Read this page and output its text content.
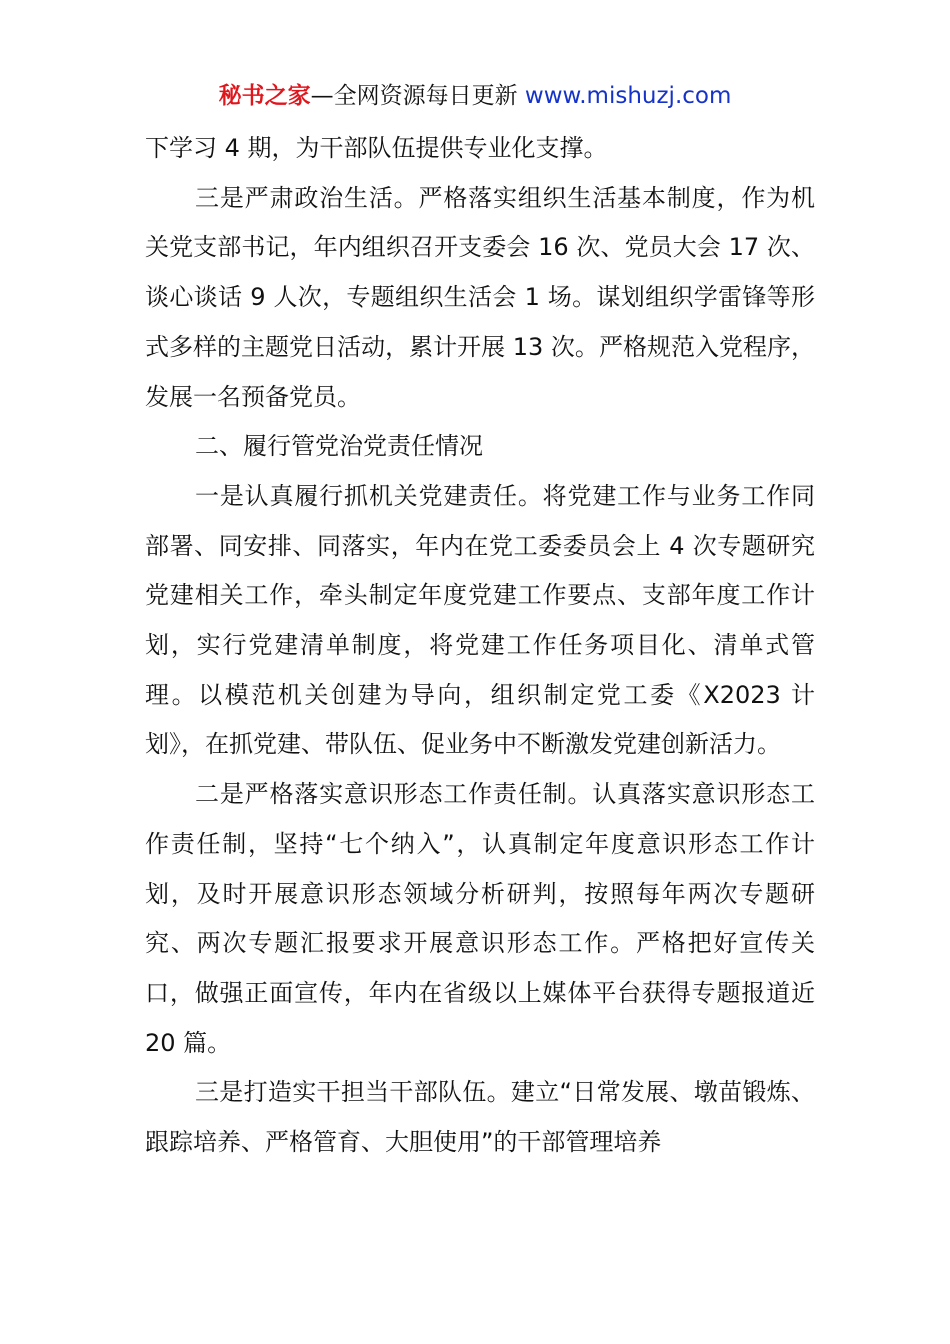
秘书之家—全网资源每日更新 www.mishuzj.com

下学习 4 期，为干部队伍提供专业化支撑。

三是严肃政治生活。严格落实组织生活基本制度，作为机关党支部书记，年内组织召开支委会 16 次、党员大会 17 次、谈心谈话 9 人次，专题组织生活会 1 场。谋划组织学雷锋等形式多样的主题党日活动，累计开展 13 次。严格规范入党程序，发展一名预备党员。

二、履行管党治党责任情况

一是认真履行抓机关党建责任。将党建工作与业务工作同部署、同安排、同落实，年内在党工委委员会上 4 次专题研究党建相关工作，牵头制定年度党建工作要点、支部年度工作计划，实行党建清单制度，将党建工作任务项目化、清单式管理。以模范机关创建为导向，组织制定党工委《X2023 计划》，在抓党建、带队伍、促业务中不断激发党建创新活力。

二是严格落实意识形态工作责任制。认真落实意识形态工作责任制，坚持“七个纳入”，认真制定年度意识形态工作计划，及时开展意识形态领域分析研判，按照每年两次专题研究、两次专题汇报要求开展意识形态工作。严格把好宣传关口，做强正面宣传，年内在省级以上媒体平台获得专题报道近 20 篇。

三是打造实干担当干部队伍。建立“日常发展、墩苗锻炼、跟踪培养、严格管育、大胆使用”的干部管理培养
